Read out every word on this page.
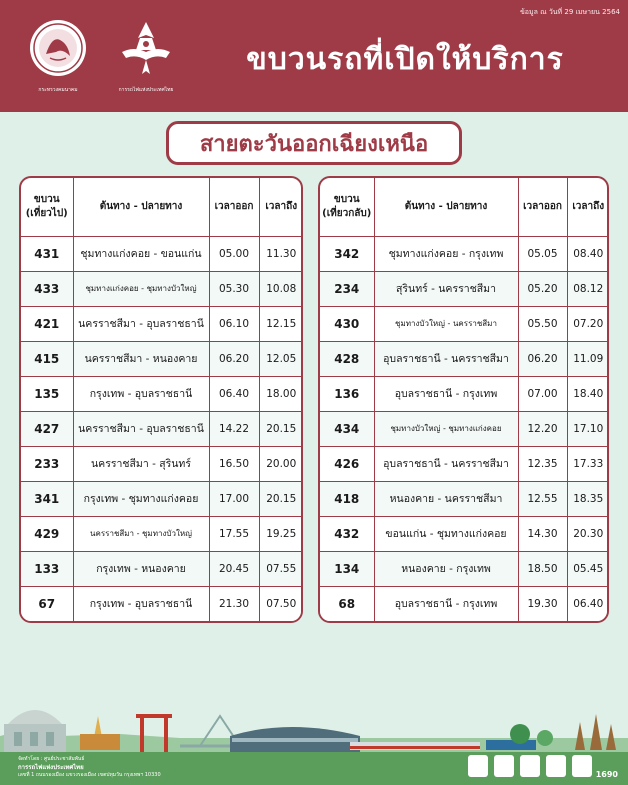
ข้อมูล ณ วันที่ 29 เมษายน 2564
กระทรวงคมนาคม	การรถไฟแห่งประเทศไทย
ขบวนรถที่เปิดให้บริการ
สายตะวันออกเฉียงเหนือ
ขบวน
(เที่ยวไป)	ต้นทาง - ปลายทาง	เวลาออก	เวลาถึง
431	ชุมทางแก่งคอย - ขอนแก่น	05.00	11.30
433	ชุมทางแก่งคอย - ชุมทางบัวใหญ่	05.30	10.08
421	นครราชสีมา - อุบลราชธานี	06.10	12.15
415	นครราชสีมา - หนองคาย	06.20	12.05
135	กรุงเทพ - อุบลราชธานี	06.40	18.00
427	นครราชสีมา - อุบลราชธานี	14.22	20.15
233	นครราชสีมา - สุรินทร์	16.50	20.00
341	กรุงเทพ - ชุมทางแก่งคอย	17.00	20.15
429	นครราชสีมา - ชุมทางบัวใหญ่	17.55	19.25
133	กรุงเทพ - หนองคาย	20.45	07.55
67	กรุงเทพ - อุบลราชธานี	21.30	07.50
ขบวน
(เที่ยวกลับ)	ต้นทาง - ปลายทาง	เวลาออก	เวลาถึง
342	ชุมทางแก่งคอย - กรุงเทพ	05.05	08.40
234	สุรินทร์ - นครราชสีมา	05.20	08.12
430	ชุมทางบัวใหญ่ - นครราชสีมา	05.50	07.20
428	อุบลราชธานี - นครราชสีมา	06.20	11.09
136	อุบลราชธานี - กรุงเทพ	07.00	18.40
434	ชุมทางบัวใหญ่ - ชุมทางแก่งคอย	12.20	17.10
426	อุบลราชธานี - นครราชสีมา	12.35	17.33
418	หนองคาย - นครราชสีมา	12.55	18.35
432	ขอนแก่น - ชุมทางแก่งคอย	14.30	20.30
134	หนองคาย - กรุงเทพ	18.50	05.45
68	อุบลราชธานี - กรุงเทพ	19.30	06.40
จัดทำโดย : ศูนย์ประชาสัมพันธ์
การรถไฟแห่งประเทศไทย
เลขที่ 1 ถนนรองเมือง แขวงรองเมือง เขตปทุมวัน กรุงเทพฯ 10330	1690
